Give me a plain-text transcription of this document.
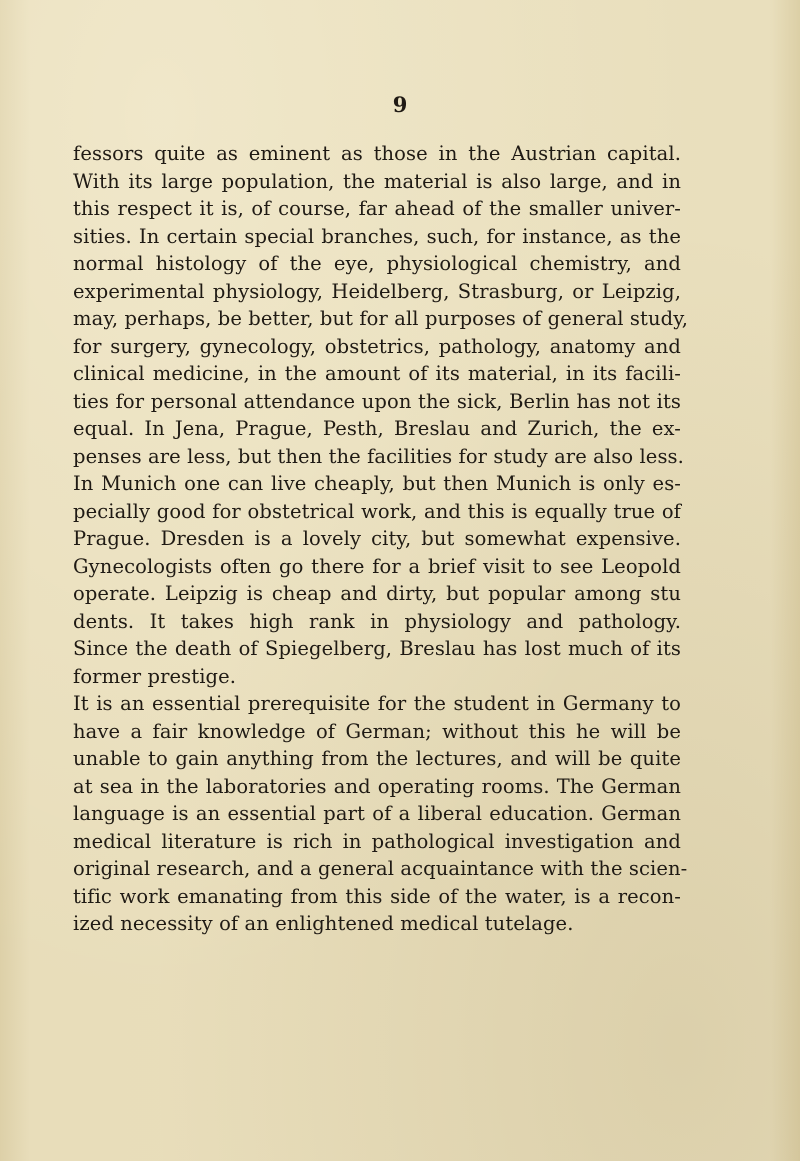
9
fessors quite as eminent as those in the Austrian capital.
With its large population, the material is also large, and in
this respect it is, of course, far ahead of the smaller univer-
sities. In certain special branches, such, for instance, as the
normal histology of the eye, physiological chemistry, and
experimental physiology, Heidelberg, Strasburg, or Leipzig,
may, perhaps, be better, but for all purposes of general study,
for surgery, gynecology, obstetrics, pathology, anatomy and
clinical medicine, in the amount of its material, in its facili-
ties for personal attendance upon the sick, Berlin has not its
equal. In Jena, Prague, Pesth, Breslau and Zurich, the ex-
penses are less, but then the facilities for study are also less.
In Munich one can live cheaply, but then Munich is only es-
pecially good for obstetrical work, and this is equally true of
Prague. Dresden is a lovely city, but somewhat expensive.
Gynecologists often go there for a brief visit to see Leopold
operate. Leipzig is cheap and dirty, but popular among stu
dents. It takes high rank in physiology and pathology.
Since the death of Spiegelberg, Breslau has lost much of its
former prestige.
It is an essential prerequisite for the student in Germany to
have a fair knowledge of German; without this he will be
unable to gain anything from the lectures, and will be quite
at sea in the laboratories and operating rooms. The German
language is an essential part of a liberal education. German
medical literature is rich in pathological investigation and
original research, and a general acquaintance with the scien-
tific work emanating from this side of the water, is a recon-
ized necessity of an enlightened medical tutelage.
